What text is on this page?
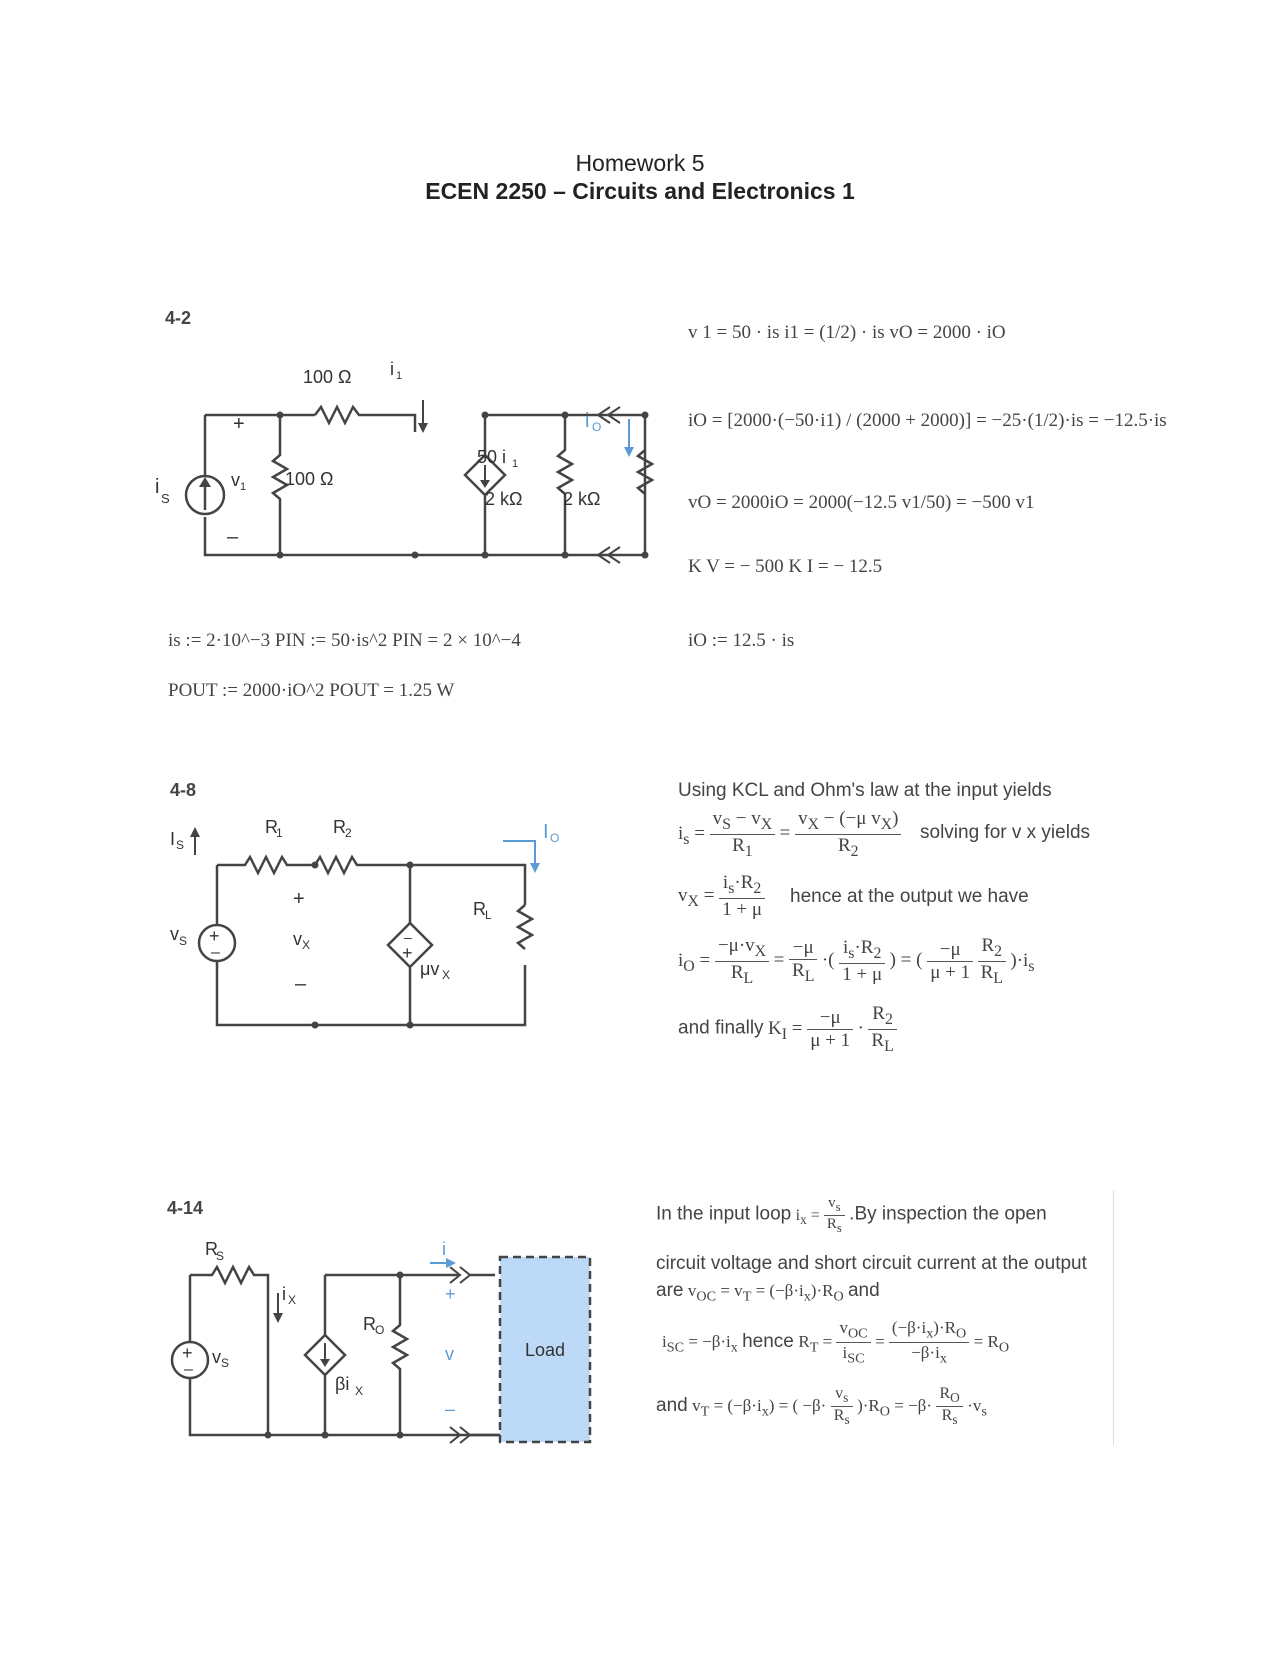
Homework 5
ECEN 2250 – Circuits and Electronics 1
4-2
100 Ω i 1
+
–
v 1 100 Ω
i
S
50 i 1
2 kΩ 2 kΩ
i O
v 1 = 50 · is i1 = (1/2) · is vO = 2000 · iO
iO = [2000·(−50·i1) / (2000 + 2000)] = −25·(1/2)·is = −12.5·is
vO = 2000iO = 2000(−12.5 v1/50) = −500 v1
K V = − 500 K I = − 12.5
is := 2·10^−3 PIN := 50·is^2 PIN = 2 × 10^−4	iO := 12.5 · is
POUT := 2000·iO^2 POUT = 1.25 W
4-8
+
–
–
+
R
1	R 2
I S
v S
+
v X
–
μv X
R L
I O
Using KCL and Ohm's law at the input yields
$i_s = \frac{v_S - v_X}{R_1} = \frac{v_X - (-\mu v_X)}{R_2}$ solving for v x yields
$v_X = \frac{i_s\cdot R_2}{1 + \mu}$ hence at the output we have
$i_O = \frac{-\mu\cdot v_X}{R_L} = \frac{-\mu}{R_L}$ ·( $\frac{i_s\cdot R_2}{1 + \mu}$ ) = ( $\frac{-\mu}{\mu + 1}$
$\frac{R_2}{R_L} )\cdot i_s$
and finally $K_I = \frac{-\mu}{\mu + 1} \cdot \frac{R_2}{R_L}$
4-14
+
–
R
S
i X
v S
βi X
R O
i
+
v
–
Load
In the input loop $i_x = \frac{v_s}{R_s} .By$ inspection the open
circuit voltage and short circuit current at the output
are $v_{OC} = v_T = (-\beta\cdot i_x)\cdot R_O$ and
$i_{SC} = -\beta\cdot i_x$ hence $R_T = \frac{v_{OC}}{i_{SC}} = \frac{(-\beta\cdot i_x)\cdot R_O}{-\beta\cdot i_x} = R_O$
and $v_T = (-\beta\cdot i_x)$ = ( $-\beta\cdot \frac{v_s}{R_s} )\cdot R_O = -\beta\cdot \frac{R_O}{R_s} \cdot v_s$
